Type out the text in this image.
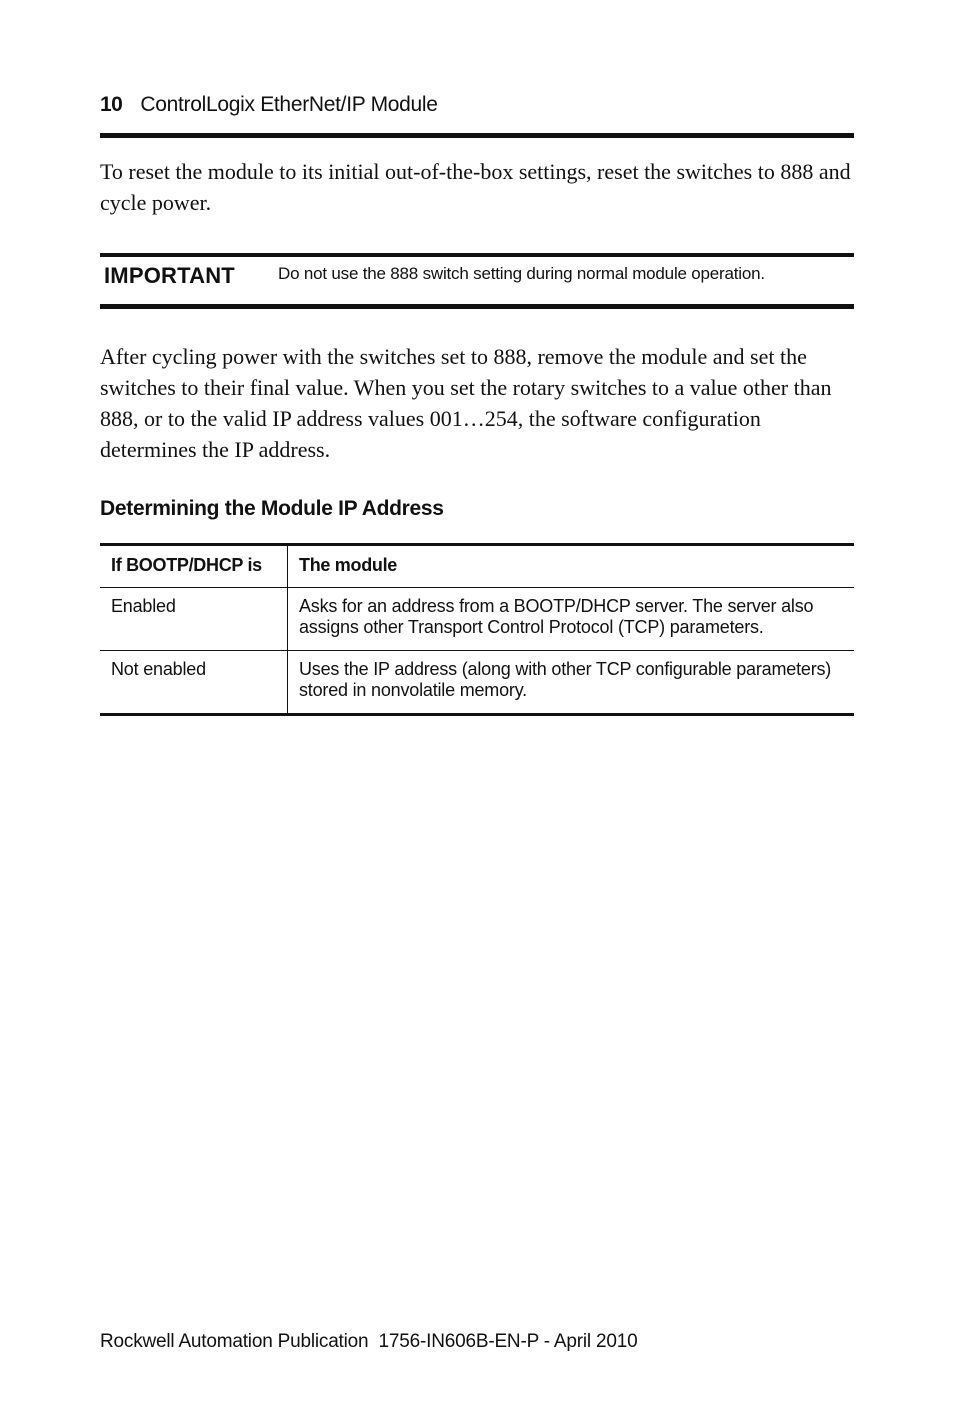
10 ControlLogix EtherNet/IP Module

To reset the module to its initial out-of-the-box settings, reset the switches to 888 and cycle power.

IMPORTANT	Do not use the 888 switch setting during normal module operation.

After cycling power with the switches set to 888, remove the module and set the switches to their final value. When you set the rotary switches to a value other than 888, or to the valid IP address values 001…254, the software configuration determines the IP address.

Determining the Module IP Address
If BOOTP/DHCP is	The module
Enabled	Asks for an address from a BOOTP/DHCP server. The server also assigns other Transport Control Protocol (TCP) parameters.
Not enabled	Uses the IP address (along with other TCP configurable parameters) stored in nonvolatile memory.
Rockwell Automation Publication  1756-IN606B-EN-P - April 2010
